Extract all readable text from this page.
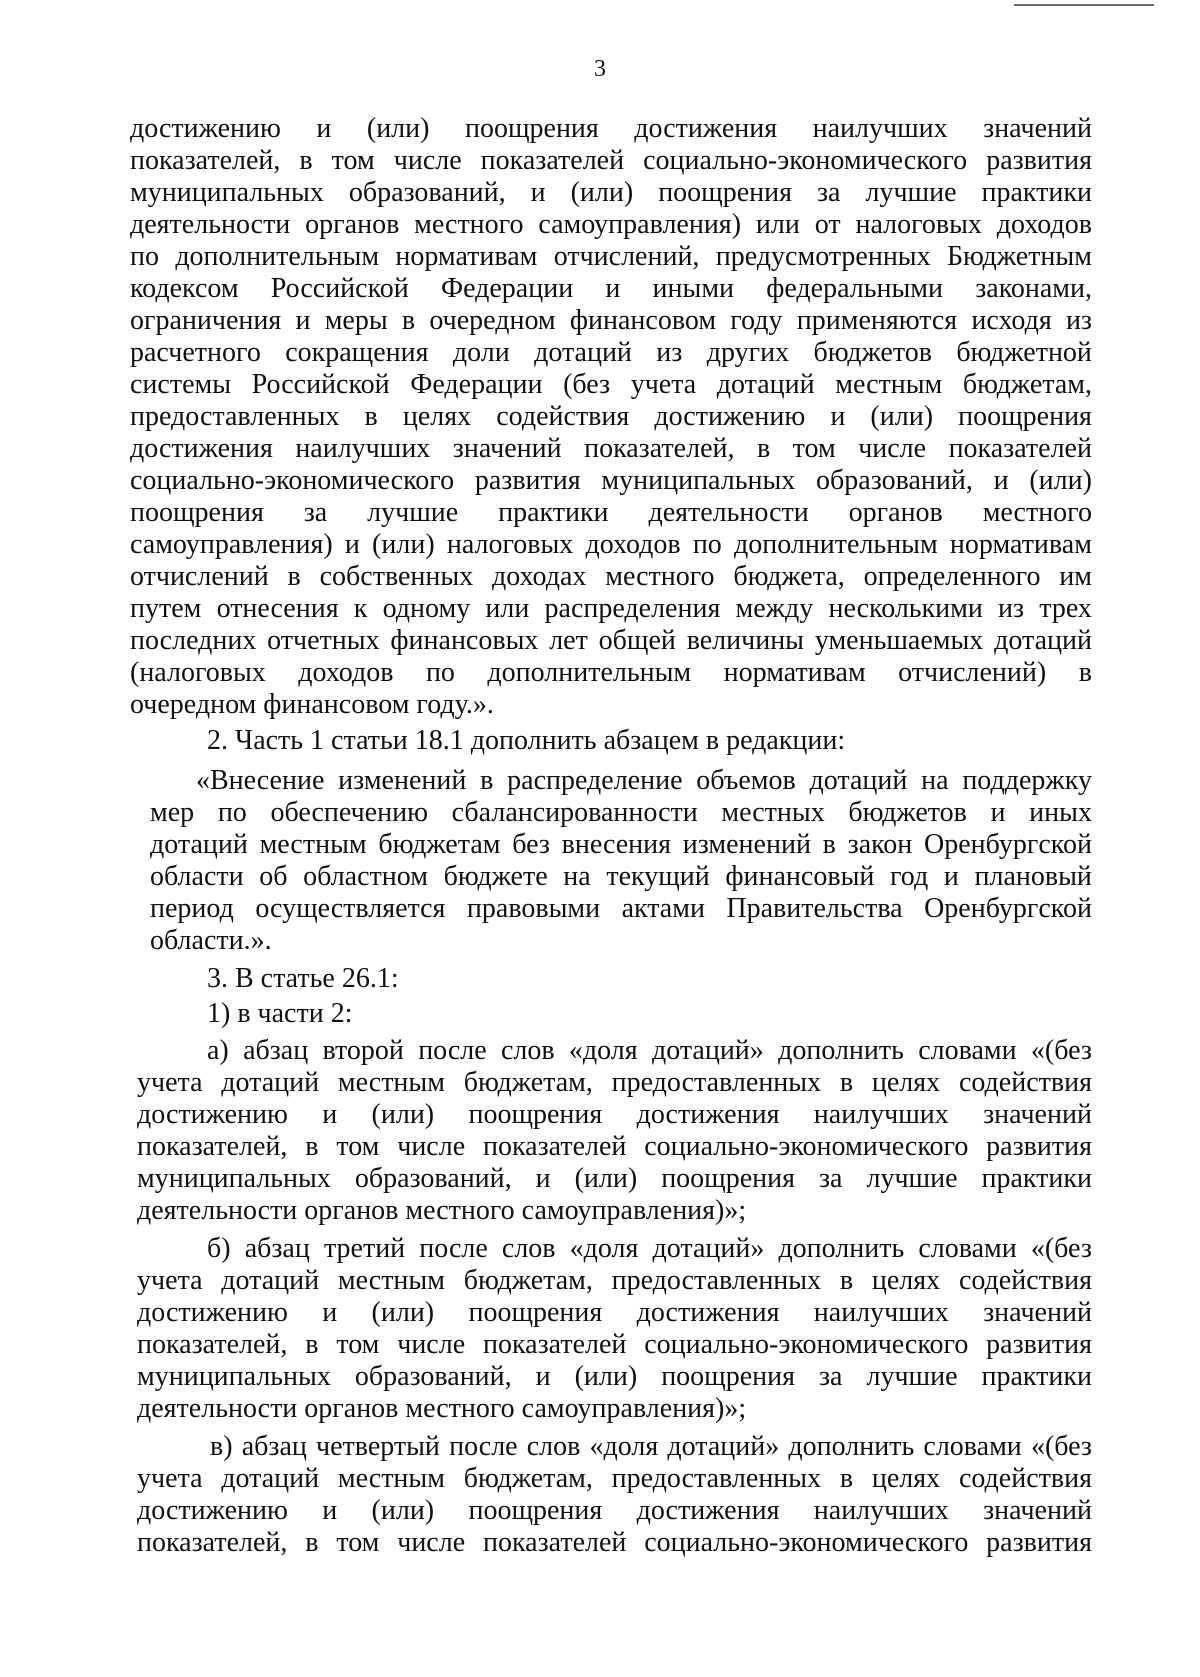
3
достижению и (или) поощрения достижения наилучших значений
показателей, в том числе показателей социально-экономического развития
муниципальных образований, и (или) поощрения за лучшие практики
деятельности органов местного самоуправления) или от налоговых доходов
по дополнительным нормативам отчислений, предусмотренных Бюджетным
кодексом Российской Федерации и иными федеральными законами,
ограничения и меры в очередном финансовом году применяются исходя из
расчетного сокращения доли дотаций из других бюджетов бюджетной
системы Российской Федерации (без учета дотаций местным бюджетам,
предоставленных в целях содействия достижению и (или) поощрения
достижения наилучших значений показателей, в том числе показателей
социально-экономического развития муниципальных образований, и (или)
поощрения за лучшие практики деятельности органов местного
самоуправления) и (или) налоговых доходов по дополнительным нормативам
отчислений в собственных доходах местного бюджета, определенного им
путем отнесения к одному или распределения между несколькими из трех
последних отчетных финансовых лет общей величины уменьшаемых дотаций
(налоговых доходов по дополнительным нормативам отчислений) в
очередном финансовом году.».
2. Часть 1 статьи 18.1 дополнить абзацем в редакции:
«Внесение изменений в распределение объемов дотаций на поддержку
мер по обеспечению сбалансированности местных бюджетов и иных
дотаций местным бюджетам без внесения изменений в закон Оренбургской
области об областном бюджете на текущий финансовый год и плановый
период осуществляется правовыми актами Правительства Оренбургской
области.».
3. В статье 26.1:
1) в части 2:
а) абзац второй после слов «доля дотаций» дополнить словами «(без
учета дотаций местным бюджетам, предоставленных в целях содействия
достижению и (или) поощрения достижения наилучших значений
показателей, в том числе показателей социально-экономического развития
муниципальных образований, и (или) поощрения за лучшие практики
деятельности органов местного самоуправления)»;
б) абзац третий после слов «доля дотаций» дополнить словами «(без
учета дотаций местным бюджетам, предоставленных в целях содействия
достижению и (или) поощрения достижения наилучших значений
показателей, в том числе показателей социально-экономического развития
муниципальных образований, и (или) поощрения за лучшие практики
деятельности органов местного самоуправления)»;
в) абзац четвертый после слов «доля дотаций» дополнить словами «(без
учета дотаций местным бюджетам, предоставленных в целях содействия
достижению и (или) поощрения достижения наилучших значений
показателей, в том числе показателей социально-экономического развития
